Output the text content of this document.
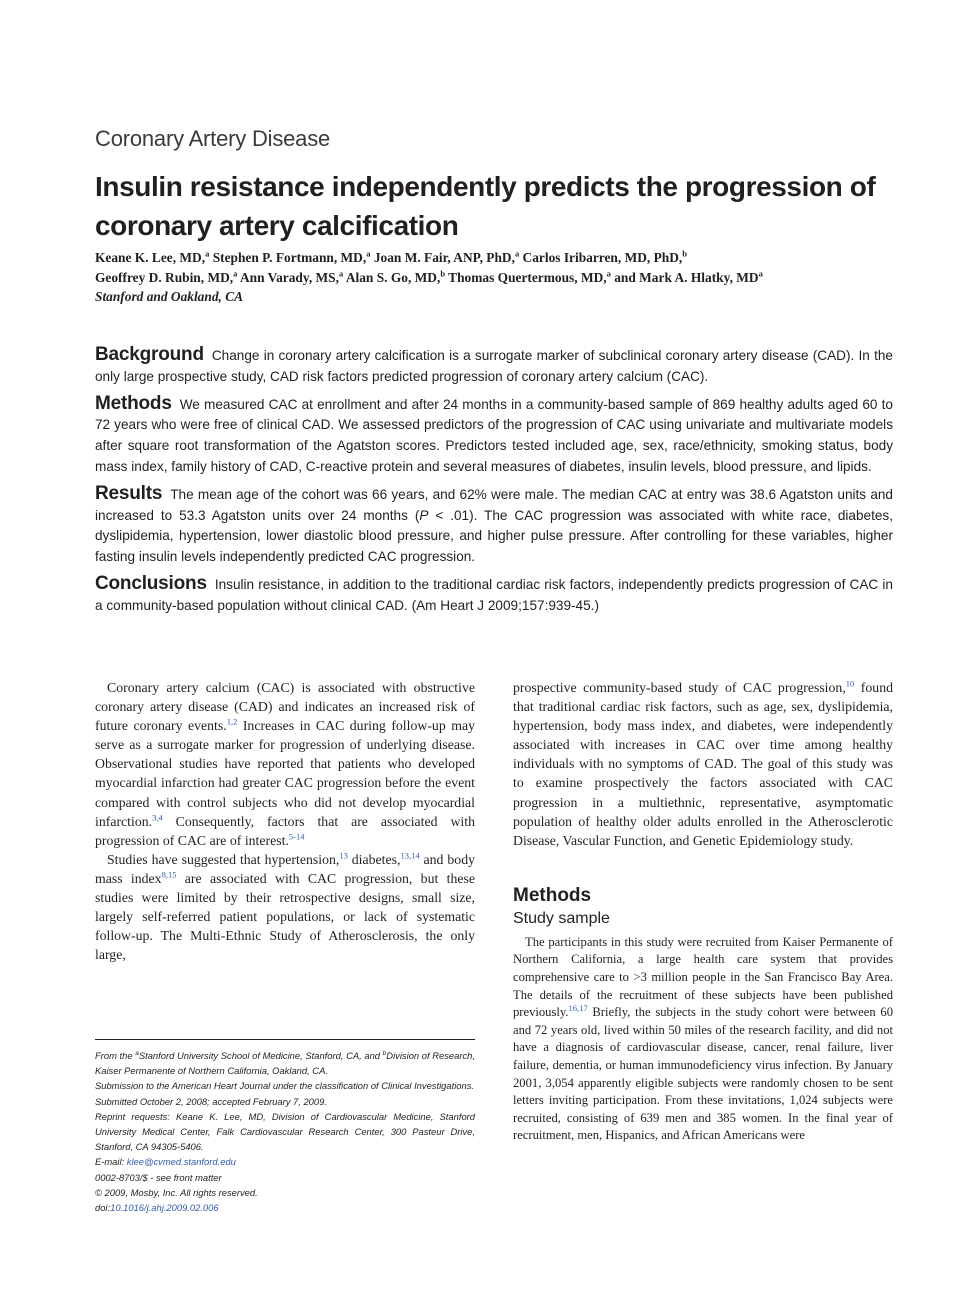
Coronary Artery Disease
Insulin resistance independently predicts the progression of coronary artery calcification
Keane K. Lee, MD,$^a$ Stephen P. Fortmann, MD,$^a$ Joan M. Fair, ANP, PhD,$^a$ Carlos Iribarren, MD, PhD,$^b$
Geoffrey D. Rubin, MD,$^a$ Ann Varady, MS,$^a$ Alan S. Go, MD,$^b$ Thomas Quertermous, MD,$^a$ and Mark A. Hlatky, $MD^a$
Stanford and Oakland, CA

Background Change in coronary artery calcification is a surrogate marker of subclinical coronary artery disease (CAD). In the only large prospective study, CAD risk factors predicted progression of coronary artery calcium (CAC).

Methods We measured CAC at enrollment and after 24 months in a community-based sample of 869 healthy adults aged 60 to 72 years who were free of clinical CAD. We assessed predictors of the progression of CAC using univariate and multivariate models after square root transformation of the Agatston scores. Predictors tested included age, sex, race/ethnicity, smoking status, body mass index, family history of CAD, C-reactive protein and several measures of diabetes, insulin levels, blood pressure, and lipids.

Results The mean age of the cohort was 66 years, and 62% were male. The median CAC at entry was 38.6 Agatston units and increased to 53.3 Agatston units over 24 months (P < .01). The CAC progression was associated with white race, diabetes, dyslipidemia, hypertension, lower diastolic blood pressure, and higher pulse pressure. After controlling for these variables, higher fasting insulin levels independently predicted CAC progression.

Conclusions Insulin resistance, in addition to the traditional cardiac risk factors, independently predicts progression of CAC in a community-based population without clinical CAD. (Am Heart J 2009;157:939-45.)

Coronary artery calcium (CAC) is associated with obstructive coronary artery disease (CAD) and indicates an increased risk of future coronary events.$^{1,2}$ Increases in CAC during follow-up may serve as a surrogate marker for progression of underlying disease. Observational studies have reported that patients who developed myocardial infarction had greater CAC progression before the event compared with control subjects who did not develop myocardial infarction.$^{3,4}$ Consequently, factors that are associated with progression of CAC are of interest.$^{5-14}$

Studies have suggested that hypertension,$^{13}$ diabetes,$^{13,14}$ and body mass index$^{8,15}$ are associated with CAC progression, but these studies were limited by their retrospective designs, small size, largely self-referred patient populations, or lack of systematic follow-up. The Multi-Ethnic Study of Atherosclerosis, the only large,

prospective community-based study of CAC progression,$^{10}$ found that traditional cardiac risk factors, such as age, sex, dyslipidemia, hypertension, body mass index, and diabetes, were independently associated with increases in CAC over time among healthy individuals with no symptoms of CAD. The goal of this study was to examine prospectively the factors associated with CAC progression in a multiethnic, representative, asymptomatic population of healthy older adults enrolled in the Atherosclerotic Disease, Vascular Function, and Genetic Epidemiology study.

Methods
Study sample

The participants in this study were recruited from Kaiser Permanente of Northern California, a large health care system that provides comprehensive care to >3 million people in the San Francisco Bay Area. The details of the recruitment of these subjects have been published previously.$^{16,17}$ Briefly, the subjects in the study cohort were between 60 and 72 years old, lived within 50 miles of the research facility, and did not have a diagnosis of cardiovascular disease, cancer, renal failure, liver failure, dementia, or human immunodeficiency virus infection. By January 2001, 3,054 apparently eligible subjects were randomly chosen to be sent letters inviting participation. From these invitations, 1,024 subjects were recruited, consisting of 639 men and 385 women. In the final year of recruitment, men, Hispanics, and African Americans were

From the $^a$Stanford University School of Medicine, Stanford, CA, and $^b$Division of Research, Kaiser Permanente of Northern California, Oakland, CA.
Submission to the American Heart Journal under the classification of Clinical Investigations.
Submitted October 2, 2008; accepted February 7, 2009.
Reprint requests: Keane K. Lee, MD, Division of Cardiovascular Medicine, Stanford University Medical Center, Falk Cardiovascular Research Center, 300 Pasteur Drive, Stanford, CA 94305-5406.
E-mail: klee@cvmed.stanford.edu
0002-8703/$ - see front matter
© 2009, Mosby, Inc. All rights reserved.
doi:10.1016/j.ahj.2009.02.006
